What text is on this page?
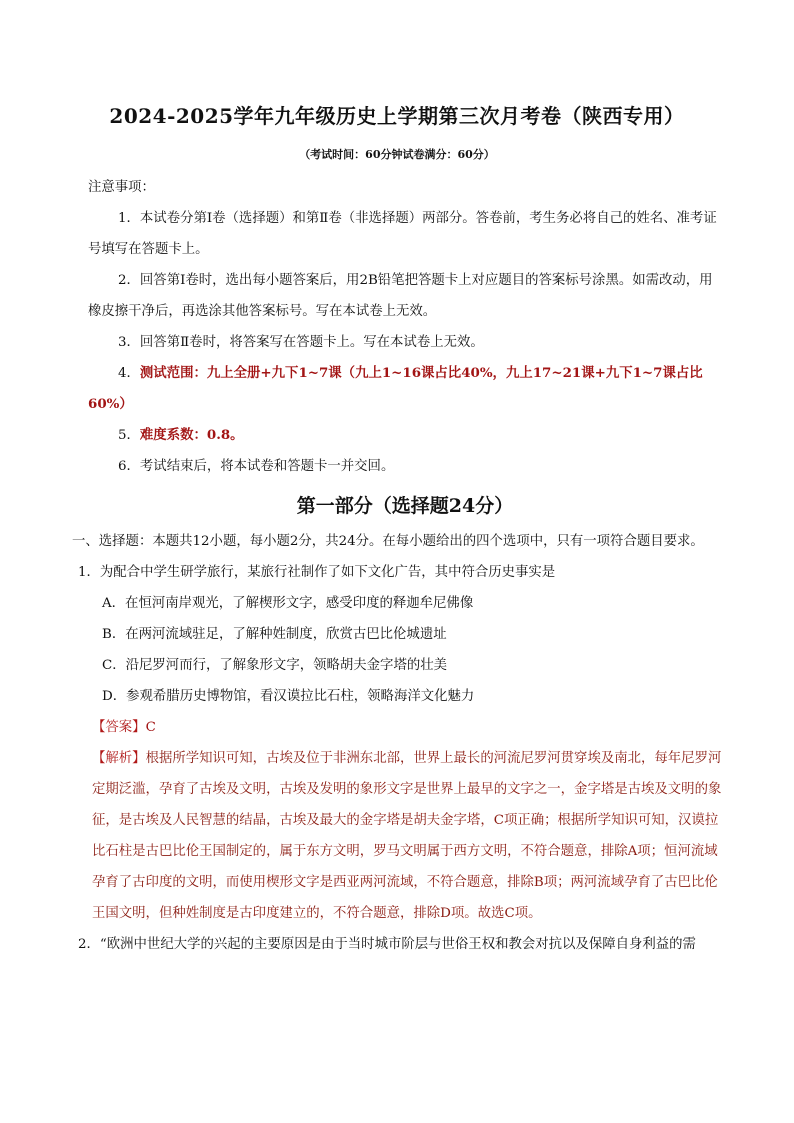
2024-2025学年九年级历史上学期第三次月考卷（陕西专用）
（考试时间：60分钟试卷满分：60分）

注意事项：

1．本试卷分第Ⅰ卷（选择题）和第Ⅱ卷（非选择题）两部分。答卷前，考生务必将自己的姓名、准考证号填写在答题卡上。

2．回答第Ⅰ卷时，选出每小题答案后，用2B铅笔把答题卡上对应题目的答案标号涂黑。如需改动，用橡皮擦干净后，再选涂其他答案标号。写在本试卷上无效。

3．回答第Ⅱ卷时，将答案写在答题卡上。写在本试卷上无效。

4．测试范围：九上全册+九下1~7课（九上1~16课占比40%，九上17~21课+九下1~7课占比60%）

5．难度系数：0.8。

6．考试结束后，将本试卷和答题卡一并交回。

第一部分（选择题24分）

一、选择题：本题共12小题，每小题2分，共24分。在每小题给出的四个选项中，只有一项符合题目要求。

1．为配合中学生研学旅行，某旅行社制作了如下文化广告，其中符合历史事实是

A．在恒河南岸观光，了解楔形文字，感受印度的释迦牟尼佛像

B．在两河流域驻足，了解种姓制度，欣赏古巴比伦城遗址

C．沿尼罗河而行，了解象形文字，领略胡夫金字塔的壮美

D．参观希腊历史博物馆，看汉谟拉比石柱，领略海洋文化魅力

【答案】C

【解析】根据所学知识可知，古埃及位于非洲东北部，世界上最长的河流尼罗河贯穿埃及南北，每年尼罗河定期泛滥，孕育了古埃及文明，古埃及发明的象形文字是世界上最早的文字之一，金字塔是古埃及文明的象征，是古埃及人民智慧的结晶，古埃及最大的金字塔是胡夫金字塔，C项正确；根据所学知识可知，汉谟拉比石柱是古巴比伦王国制定的，属于东方文明，罗马文明属于西方文明，不符合题意，排除A项；恒河流域孕育了古印度的文明，而使用楔形文字是西亚两河流域，不符合题意，排除B项；两河流域孕育了古巴比伦王国文明，但种姓制度是古印度建立的，不符合题意，排除D项。故选C项。

2．“欧洲中世纪大学的兴起的主要原因是由于当时城市阶层与世俗王权和教会对抗以及保障自身利益的需
